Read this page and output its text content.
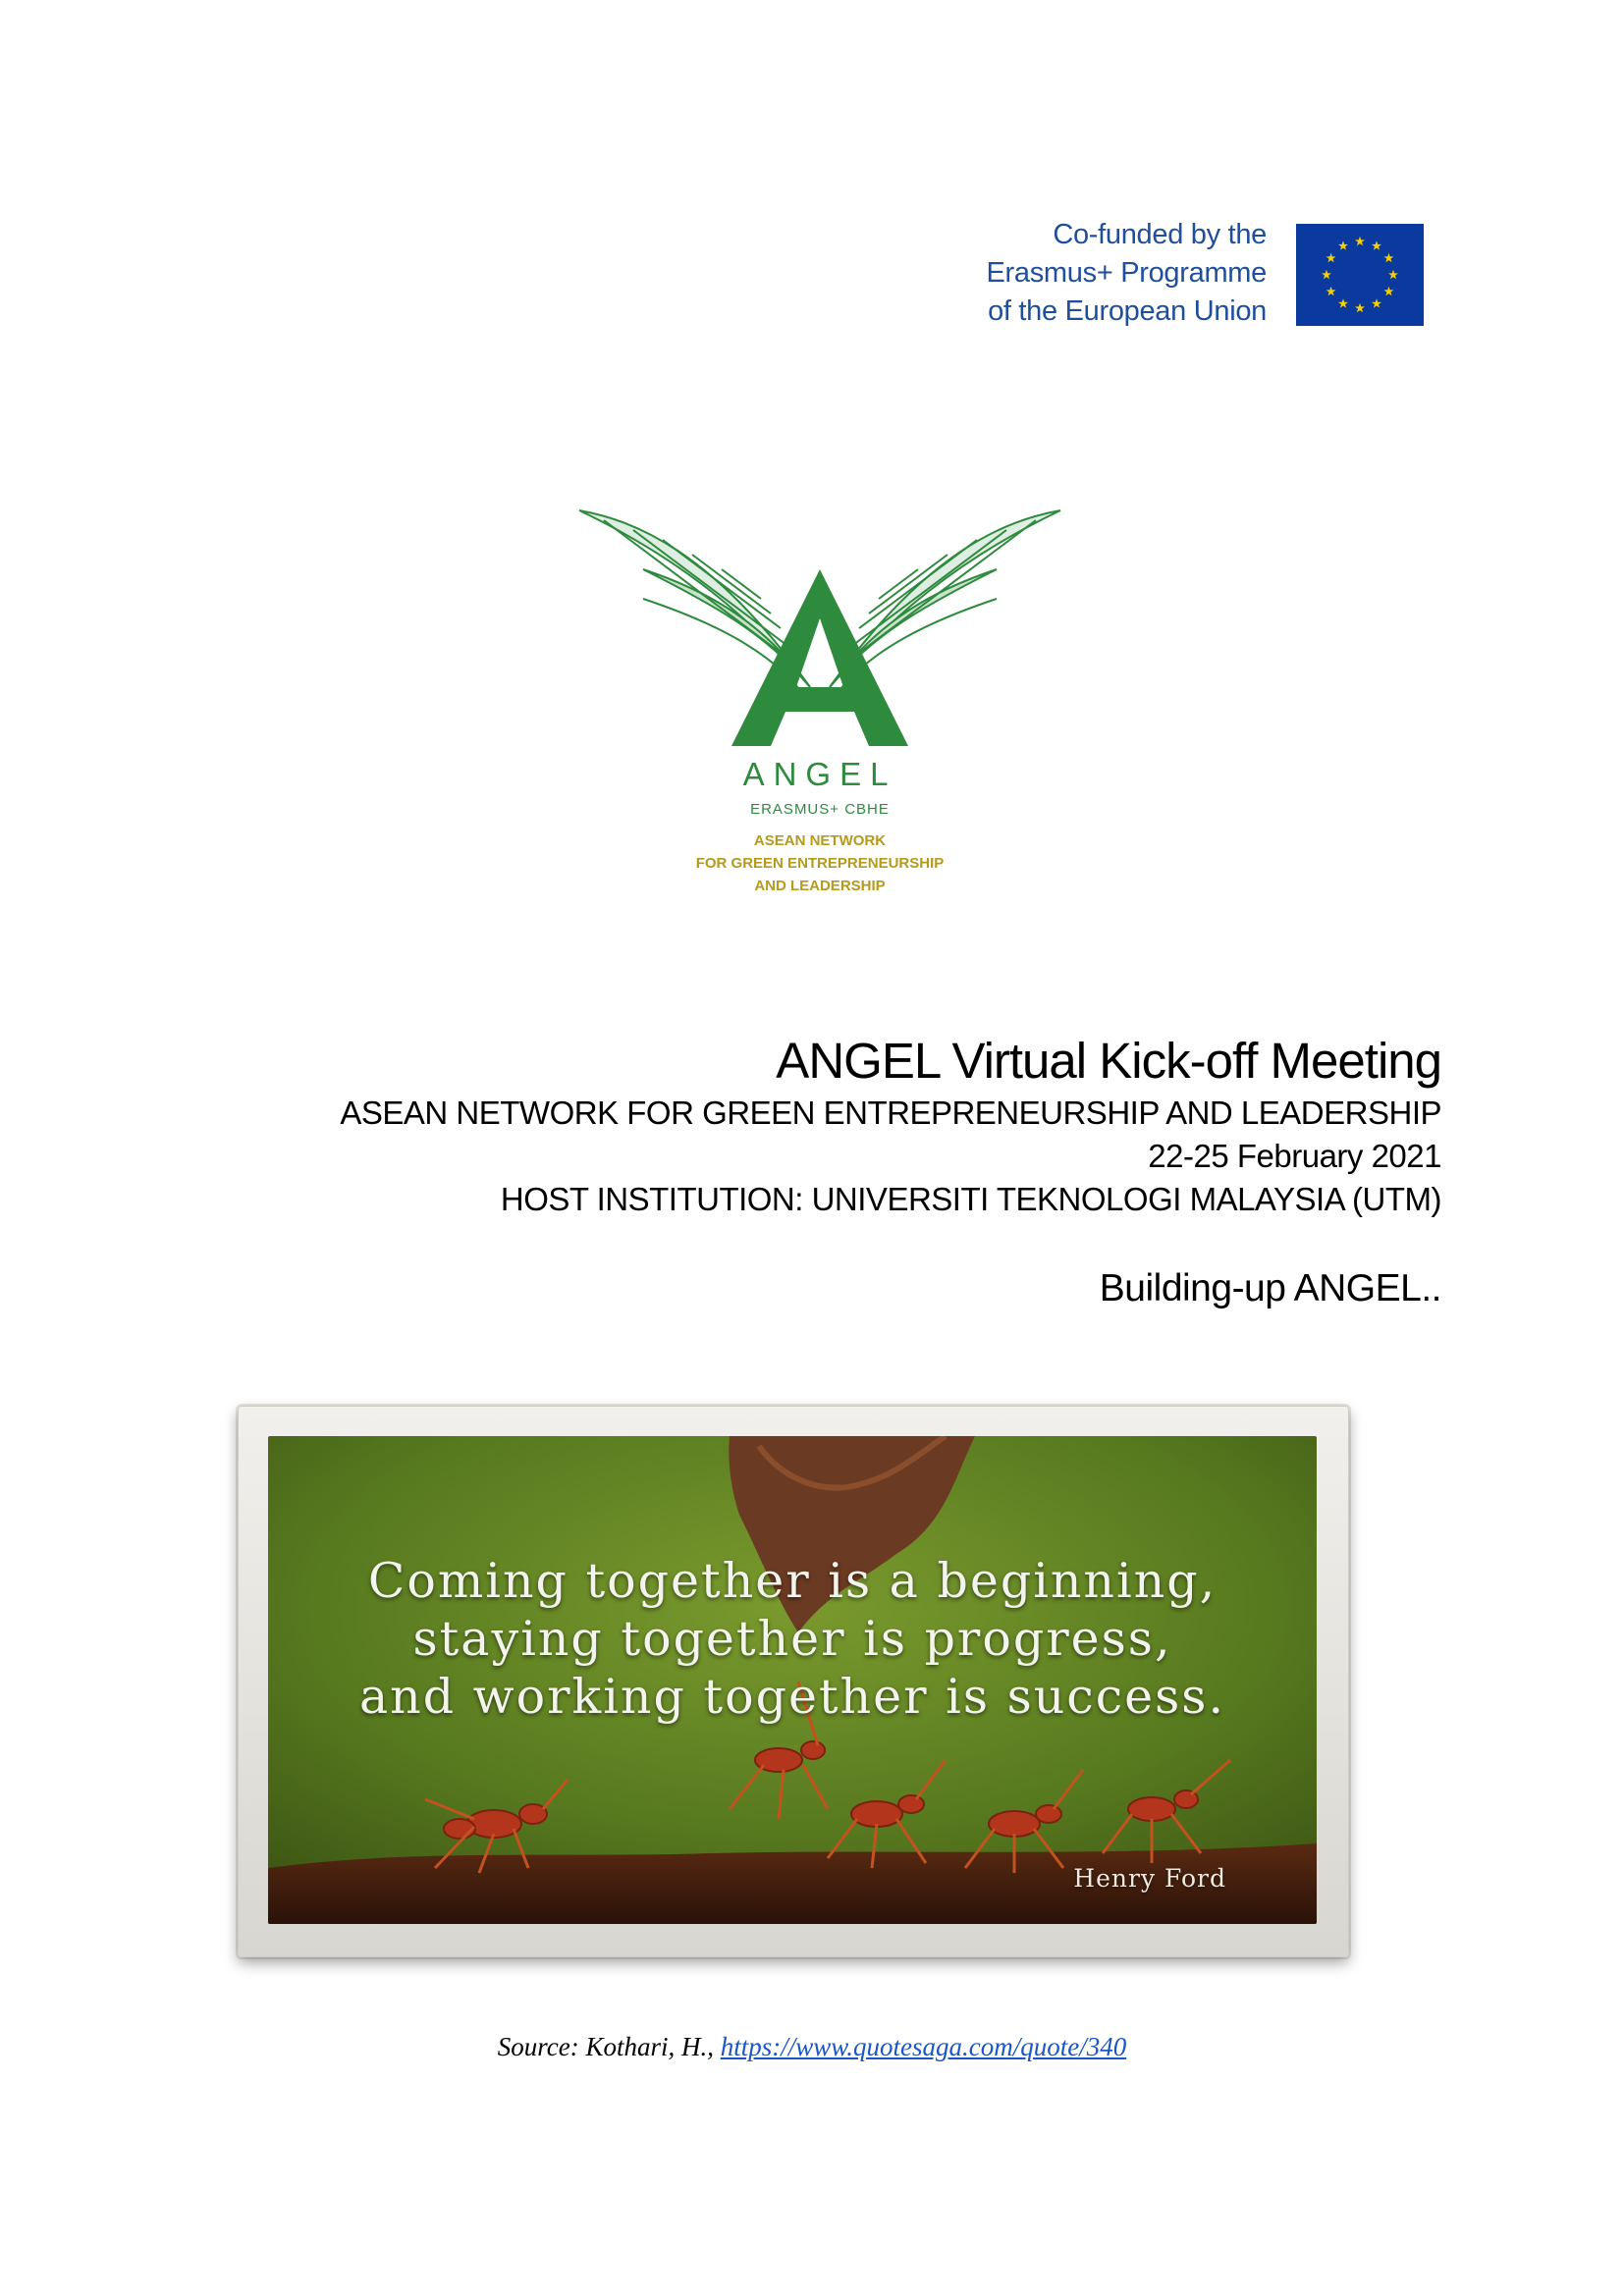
Co-funded by the
Erasmus+ Programme
of the European Union
ANGEL
ERASMUS+ CBHE
ASEAN NETWORK
FOR GREEN ENTREPRENEURSHIP
AND LEADERSHIP
ANGEL Virtual Kick-off Meeting
ASEAN NETWORK FOR GREEN ENTREPRENEURSHIP AND LEADERSHIP
22-25 February 2021
HOST INSTITUTION: UNIVERSITI TEKNOLOGI MALAYSIA (UTM)
Building-up ANGEL..
Coming together is a beginning,
staying together is progress,
and working together is success.
Henry Ford
Source: Kothari, H., https://www.quotesaga.com/quote/340
